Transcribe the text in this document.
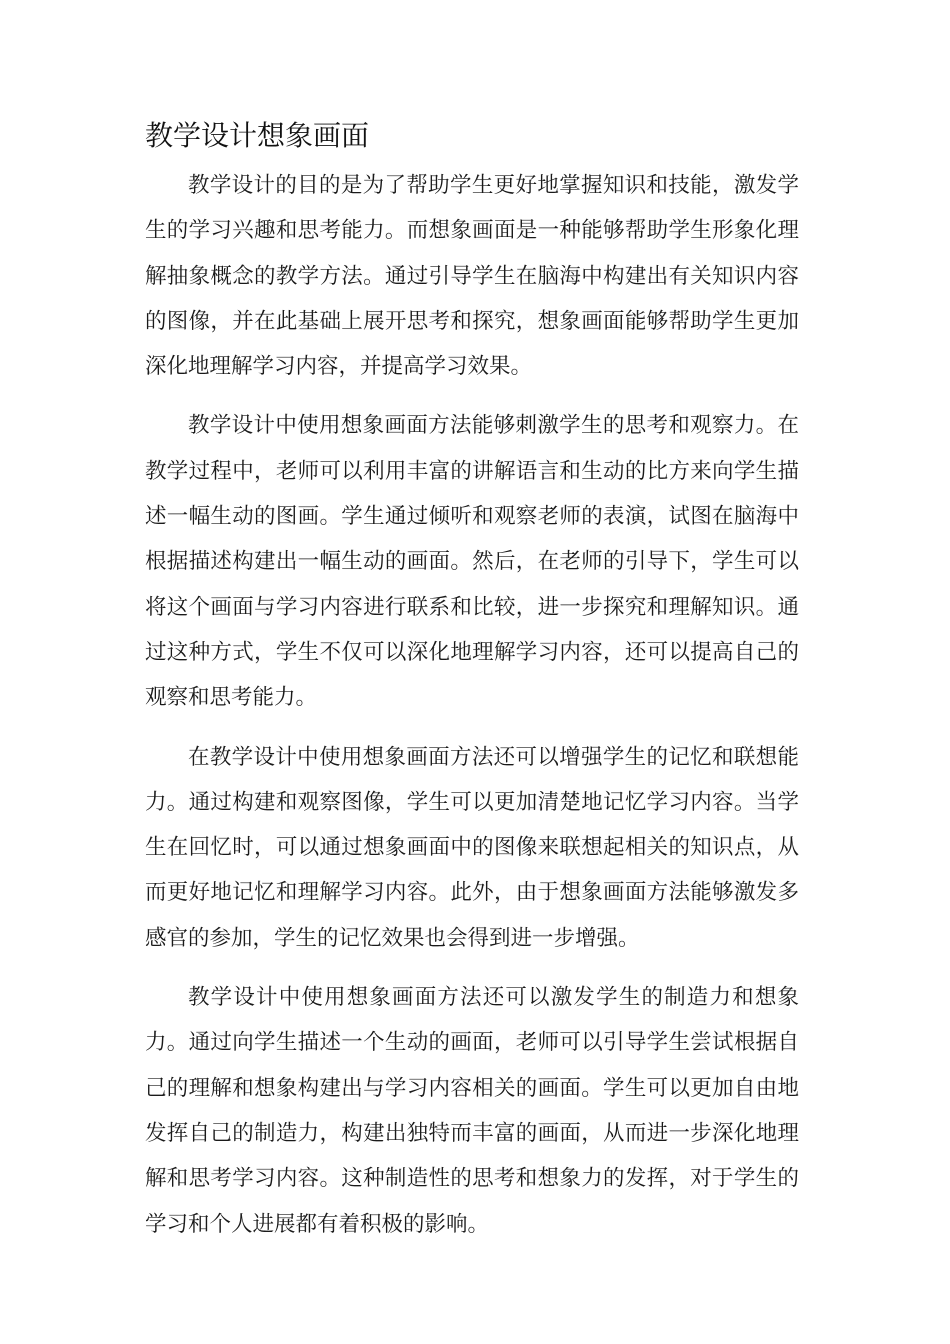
教学设计想象画面

教学设计的目的是为了帮助学生更好地掌握知识和技能，激发学生的学习兴趣和思考能力。而想象画面是一种能够帮助学生形象化理解抽象概念的教学方法。通过引导学生在脑海中构建出有关知识内容的图像，并在此基础上展开思考和探究，想象画面能够帮助学生更加深化地理解学习内容，并提高学习效果。

教学设计中使用想象画面方法能够刺激学生的思考和观察力。在教学过程中，老师可以利用丰富的讲解语言和生动的比方来向学生描述一幅生动的图画。学生通过倾听和观察老师的表演，试图在脑海中根据描述构建出一幅生动的画面。然后，在老师的引导下，学生可以将这个画面与学习内容进行联系和比较，进一步探究和理解知识。通过这种方式，学生不仅可以深化地理解学习内容，还可以提高自己的观察和思考能力。

在教学设计中使用想象画面方法还可以增强学生的记忆和联想能力。通过构建和观察图像，学生可以更加清楚地记忆学习内容。当学生在回忆时，可以通过想象画面中的图像来联想起相关的知识点，从而更好地记忆和理解学习内容。此外，由于想象画面方法能够激发多感官的参加，学生的记忆效果也会得到进一步增强。

教学设计中使用想象画面方法还可以激发学生的制造力和想象力。通过向学生描述一个生动的画面，老师可以引导学生尝试根据自己的理解和想象构建出与学习内容相关的画面。学生可以更加自由地发挥自己的制造力，构建出独特而丰富的画面，从而进一步深化地理解和思考学习内容。这种制造性的思考和想象力的发挥，对于学生的学习和个人进展都有着积极的影响。
